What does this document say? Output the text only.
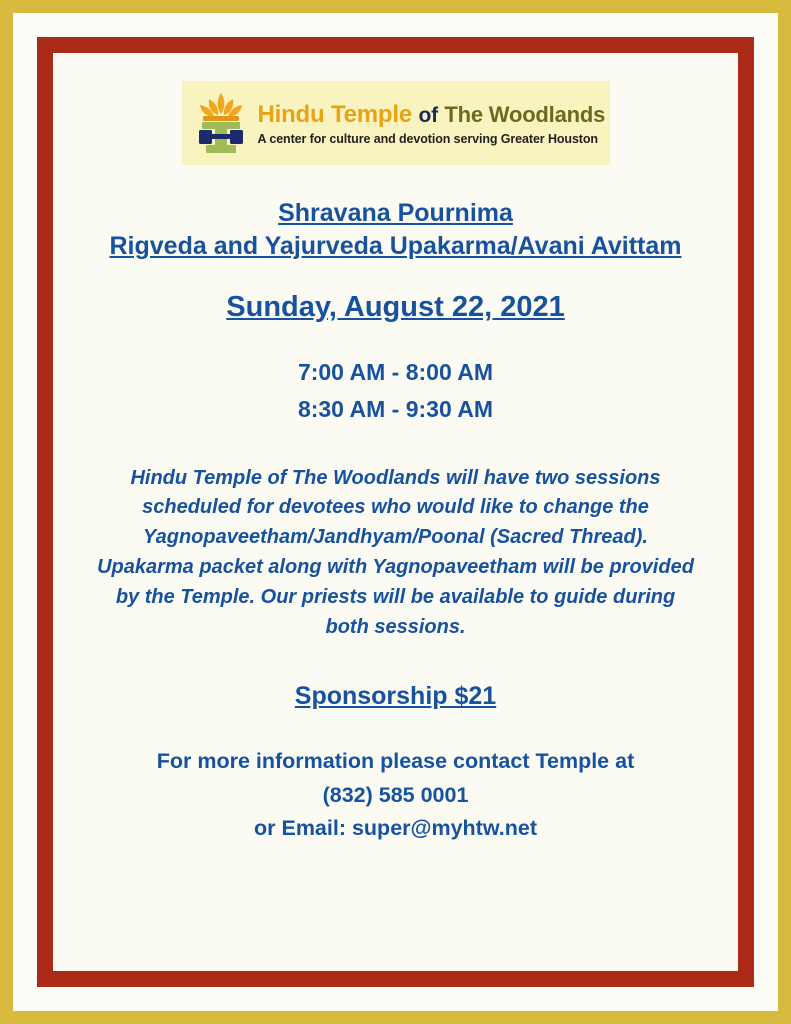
Hindu Temple of The Woodlands
A center for culture and devotion serving Greater Houston
Shravana Pournima
Rigveda and Yajurveda Upakarma/Avani Avittam
Sunday, August 22, 2021
7:00 AM - 8:00 AM
8:30 AM - 9:30 AM
Hindu Temple of The Woodlands will have two sessions scheduled for devotees who would like to change the Yagnopaveetham/Jandhyam/Poonal (Sacred Thread). Upakarma packet along with Yagnopaveetham will be provided by the Temple. Our priests will be available to guide during both sessions.
Sponsorship $21
For more information please contact Temple at
(832) 585 0001
or Email: super@myhtw.net
